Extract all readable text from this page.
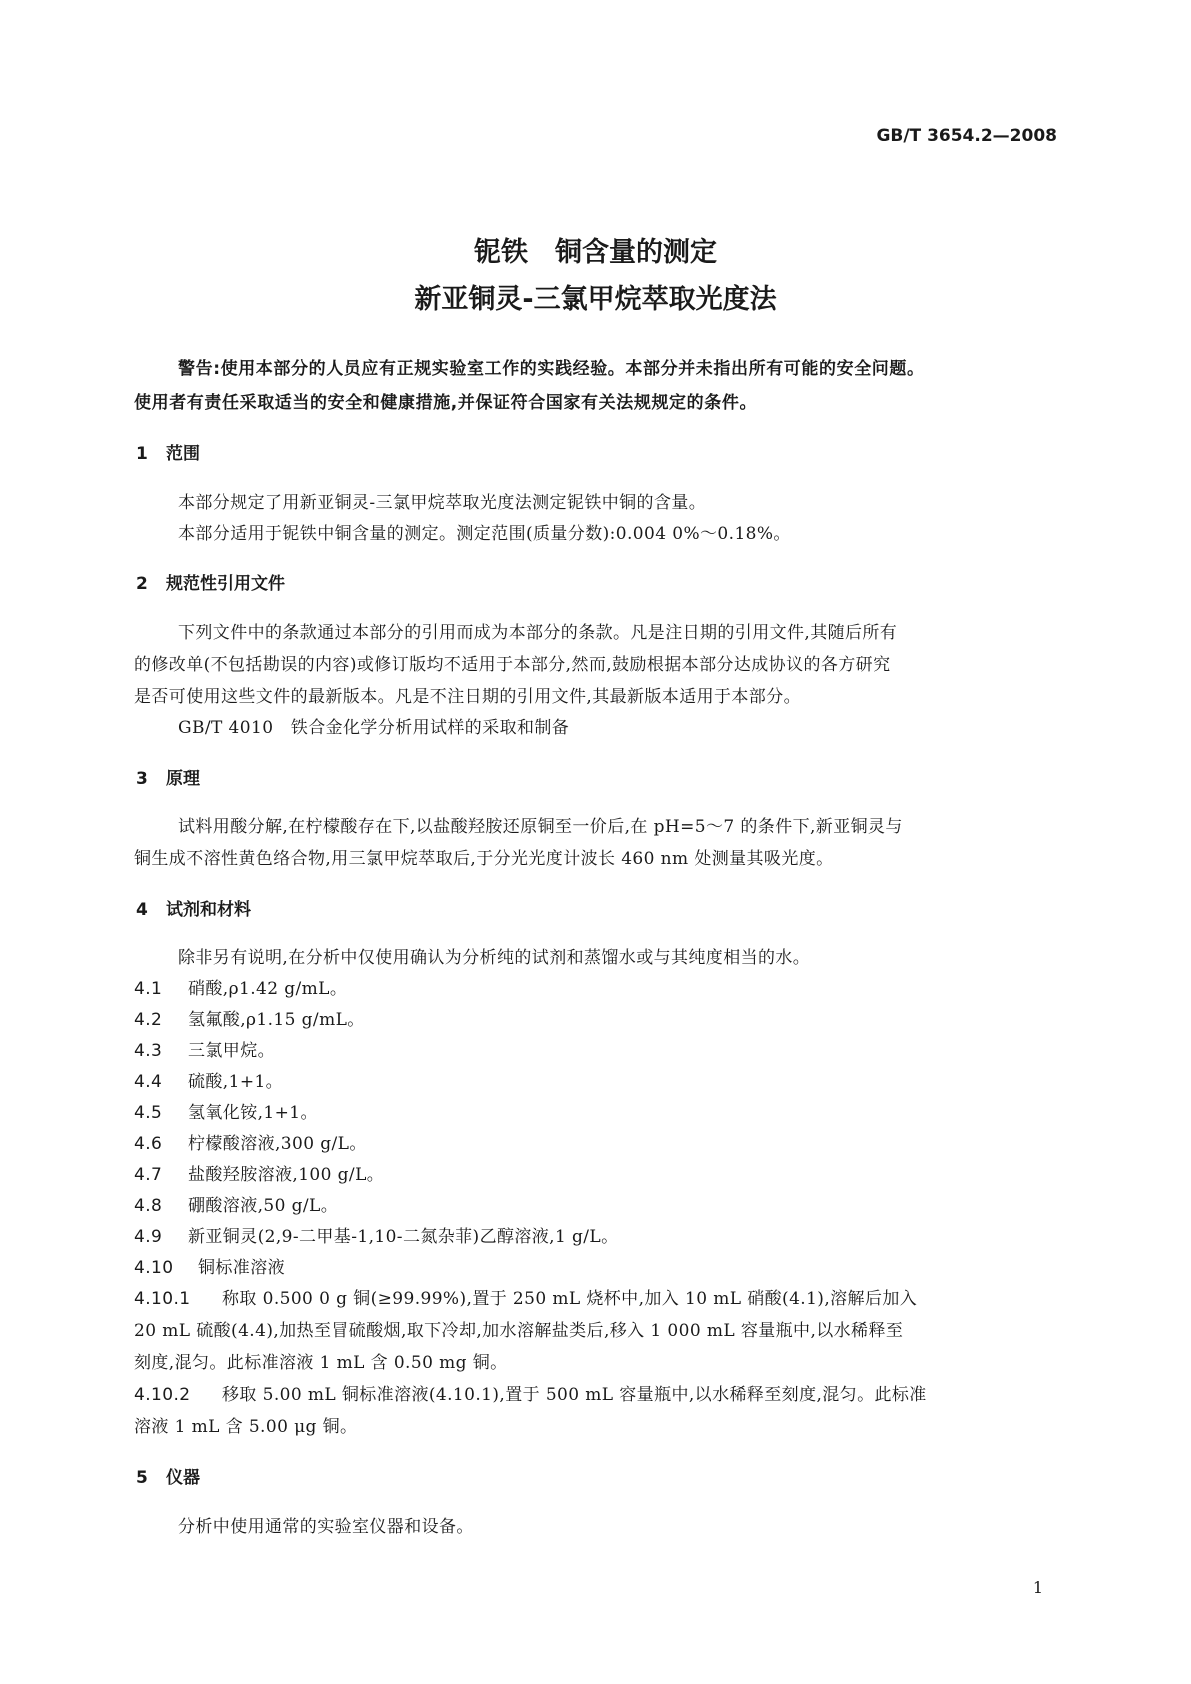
GB/T 3654.2—2008
铌铁　铜含量的测定
新亚铜灵-三氯甲烷萃取光度法
警告:使用本部分的人员应有正规实验室工作的实践经验。本部分并未指出所有可能的安全问题。
使用者有责任采取适当的安全和健康措施,并保证符合国家有关法规规定的条件。
1 范围
本部分规定了用新亚铜灵-三氯甲烷萃取光度法测定铌铁中铜的含量。
本部分适用于铌铁中铜含量的测定。测定范围(质量分数):0.004 0%～0.18%。
2 规范性引用文件
下列文件中的条款通过本部分的引用而成为本部分的条款。凡是注日期的引用文件,其随后所有
的修改单(不包括勘误的内容)或修订版均不适用于本部分,然而,鼓励根据本部分达成协议的各方研究
是否可使用这些文件的最新版本。凡是不注日期的引用文件,其最新版本适用于本部分。
GB/T 4010　铁合金化学分析用试样的采取和制备
3 原理
试料用酸分解,在柠檬酸存在下,以盐酸羟胺还原铜至一价后,在 pH=5～7 的条件下,新亚铜灵与
铜生成不溶性黄色络合物,用三氯甲烷萃取后,于分光光度计波长 460 nm 处测量其吸光度。
4 试剂和材料
除非另有说明,在分析中仅使用确认为分析纯的试剂和蒸馏水或与其纯度相当的水。
4.1 硝酸,ρ1.42 g/mL。
4.2 氢氟酸,ρ1.15 g/mL。
4.3 三氯甲烷。
4.4 硫酸,1+1。
4.5 氢氧化铵,1+1。
4.6 柠檬酸溶液,300 g/L。
4.7 盐酸羟胺溶液,100 g/L。
4.8 硼酸溶液,50 g/L。
4.9 新亚铜灵(2,9-二甲基-1,10-二氮杂菲)乙醇溶液,1 g/L。
4.10 铜标准溶液
4.10.1 称取 0.500 0 g 铜(≥99.99%),置于 250 mL 烧杯中,加入 10 mL 硝酸(4.1),溶解后加入
20 mL 硫酸(4.4),加热至冒硫酸烟,取下冷却,加水溶解盐类后,移入 1 000 mL 容量瓶中,以水稀释至
刻度,混匀。此标准溶液 1 mL 含 0.50 mg 铜。
4.10.2 移取 5.00 mL 铜标准溶液(4.10.1),置于 500 mL 容量瓶中,以水稀释至刻度,混匀。此标准
溶液 1 mL 含 5.00 μg 铜。
5 仪器
分析中使用通常的实验室仪器和设备。
1
